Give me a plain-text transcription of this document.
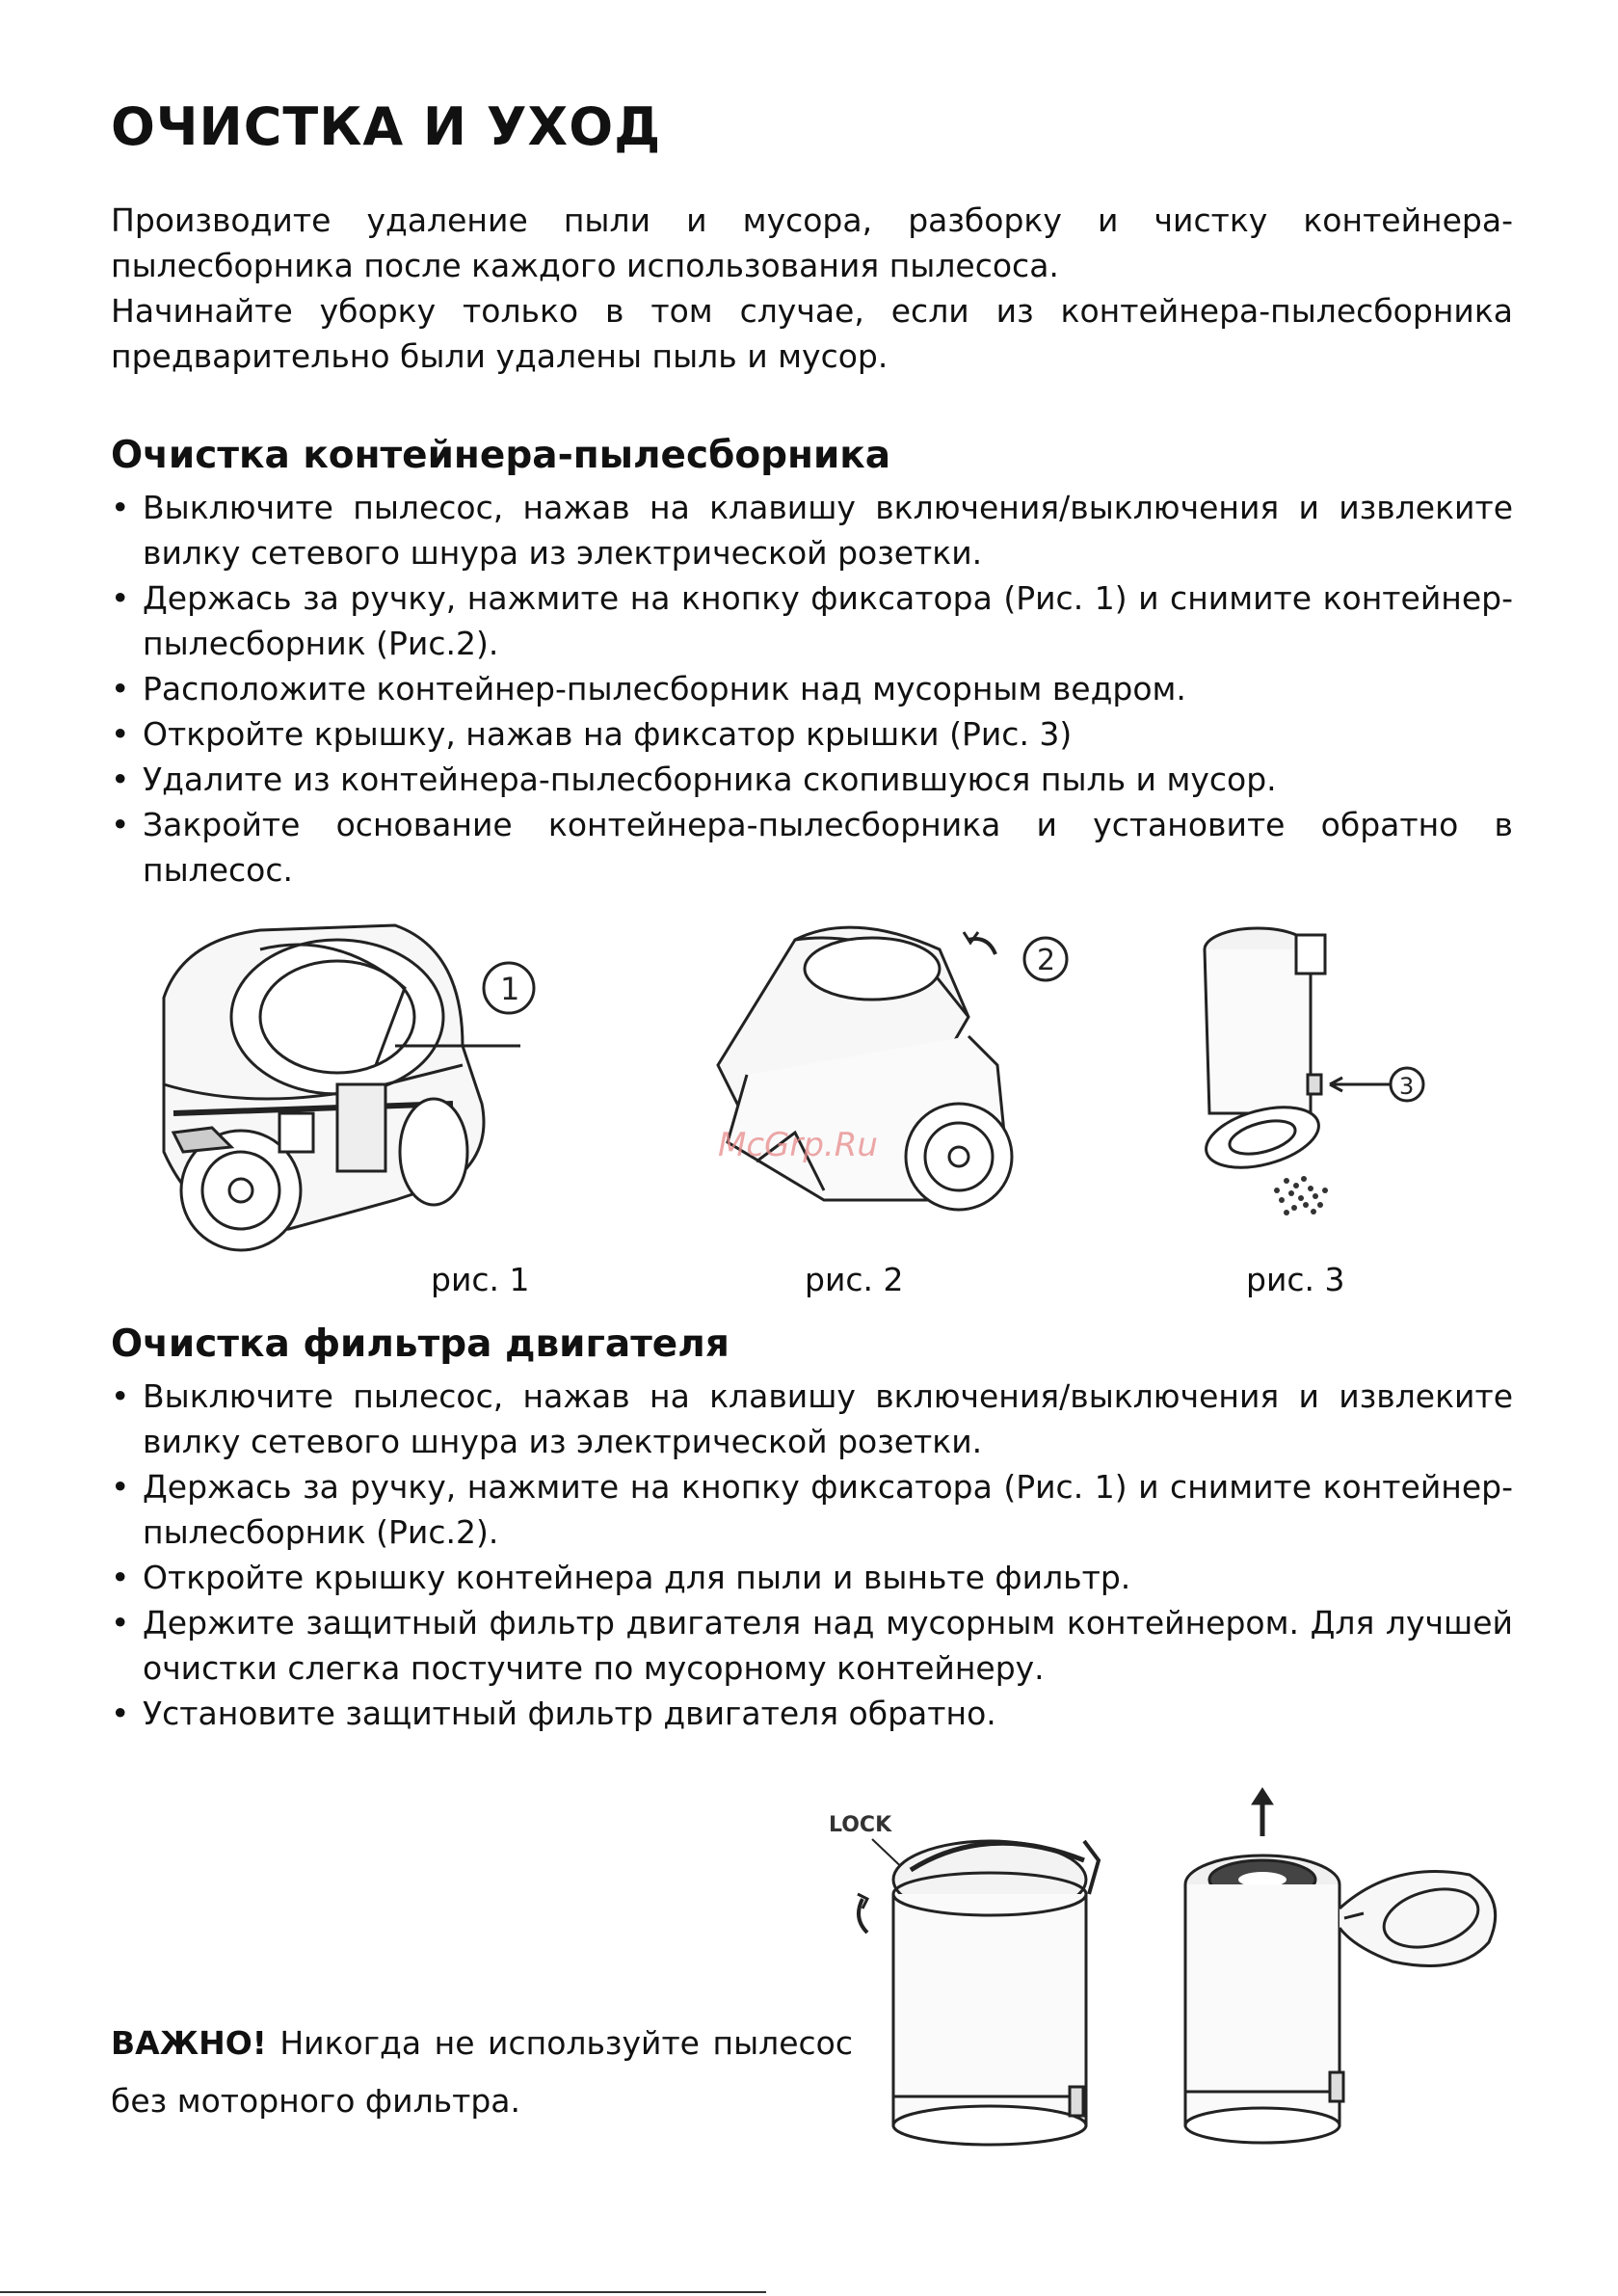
ОЧИСТКА И УХОД

Производите удаление пыли и мусора, разборку и чистку контейнера-пылесборника после каждого использования пылесоса.

Начинайте уборку только в том случае, если из контейнера-пылесборника предварительно были удалены пыль и мусор.

Очистка контейнера-пылесборника
• Выключите пылесос, нажав на клавишу включения/выключения и извлеките вилку сетевого шнура из электрической розетки.
• Держась за ручку, нажмите на кнопку фиксатора (Рис. 1) и снимите контейнер-пылесборник (Рис.2).
• Расположите контейнер-пылесборник над мусорным ведром.
• Откройте крышку, нажав на фиксатор крышки (Рис. 3)
• Удалите из контейнера-пылесборника скопившуюся пыль и мусор.
• Закройте основание контейнера-пылесборника и установите обратно в пылесос.
1
рис. 1
2
McGrp.Ru
рис. 2
3
рис. 3
Очистка фильтра двигателя
• Выключите пылесос, нажав на клавишу включения/выключения и извлеките вилку сетевого шнура из электрической розетки.
• Держась за ручку, нажмите на кнопку фиксатора (Рис. 1) и снимите контейнер-пылесборник (Рис.2).
• Откройте крышку контейнера для пыли и выньте фильтр.
• Держите защитный фильтр двигателя над мусорным контейнером. Для лучшей очистки слегка постучите по мусорному контейнеру.
• Установите защитный фильтр двигателя обратно.
LOCK
ВАЖНО! Никогда не используйте пылесос без моторного фильтра.
